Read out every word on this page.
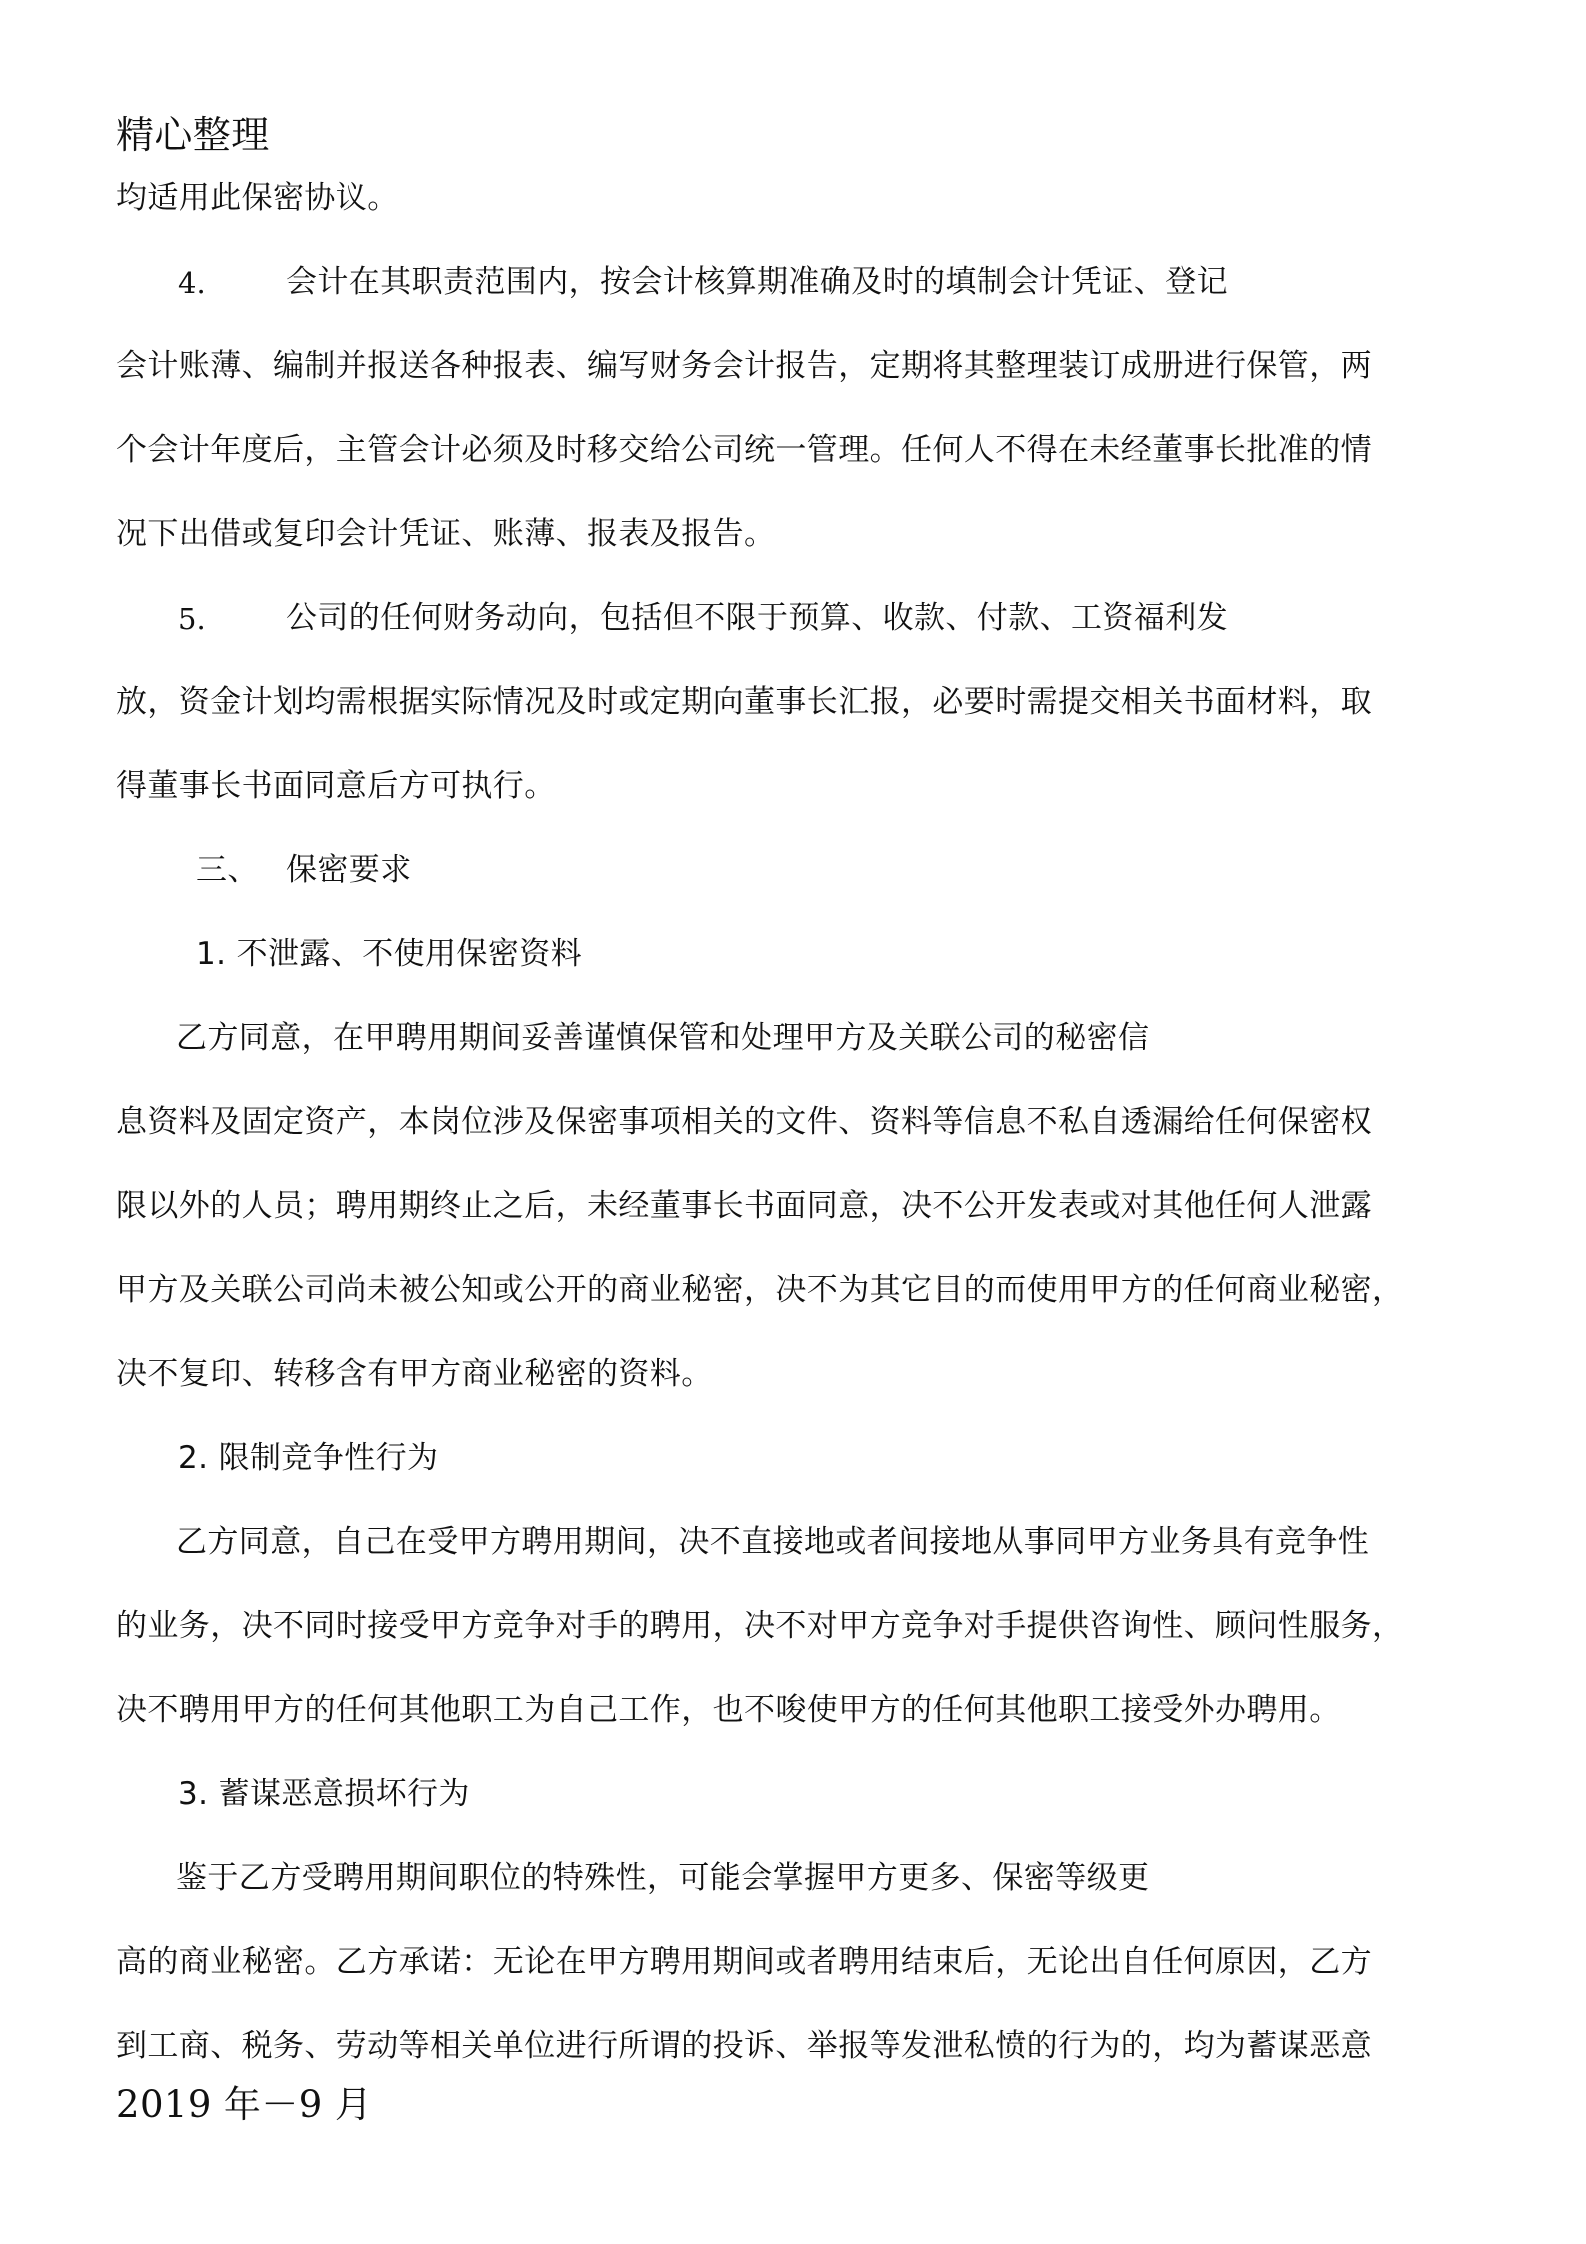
精心整理
均适用此保密协议。
4.	会计在其职责范围内，按会计核算期准确及时的填制会计凭证、登记
会计账薄、编制并报送各种报表、编写财务会计报告，定期将其整理装订成册进行保管，两
个会计年度后，主管会计必须及时移交给公司统一管理。任何人不得在未经董事长批准的情
况下出借或复印会计凭证、账薄、报表及报告。
5.	公司的任何财务动向，包括但不限于预算、收款、付款、工资福利发
放，资金计划均需根据实际情况及时或定期向董事长汇报，必要时需提交相关书面材料，取
得董事长书面同意后方可执行。
三、 保密要求
1. 不泄露、不使用保密资料
乙方同意，在甲聘用期间妥善谨慎保管和处理甲方及关联公司的秘密信
息资料及固定资产，本岗位涉及保密事项相关的文件、资料等信息不私自透漏给任何保密权
限以外的人员；聘用期终止之后，未经董事长书面同意，决不公开发表或对其他任何人泄露
甲方及关联公司尚未被公知或公开的商业秘密，决不为其它目的而使用甲方的任何商业秘密，
决不复印、转移含有甲方商业秘密的资料。
2. 限制竞争性行为
乙方同意，自己在受甲方聘用期间，决不直接地或者间接地从事同甲方业务具有竞争性
的业务，决不同时接受甲方竞争对手的聘用，决不对甲方竞争对手提供咨询性、顾问性服务，
决不聘用甲方的任何其他职工为自己工作，也不唆使甲方的任何其他职工接受外办聘用。
3. 蓄谋恶意损坏行为
鉴于乙方受聘用期间职位的特殊性，可能会掌握甲方更多、保密等级更
高的商业秘密。乙方承诺：无论在甲方聘用期间或者聘用结束后，无论出自任何原因，乙方
到工商、税务、劳动等相关单位进行所谓的投诉、举报等发泄私愤的行为的，均为蓄谋恶意
2019 年－9 月
